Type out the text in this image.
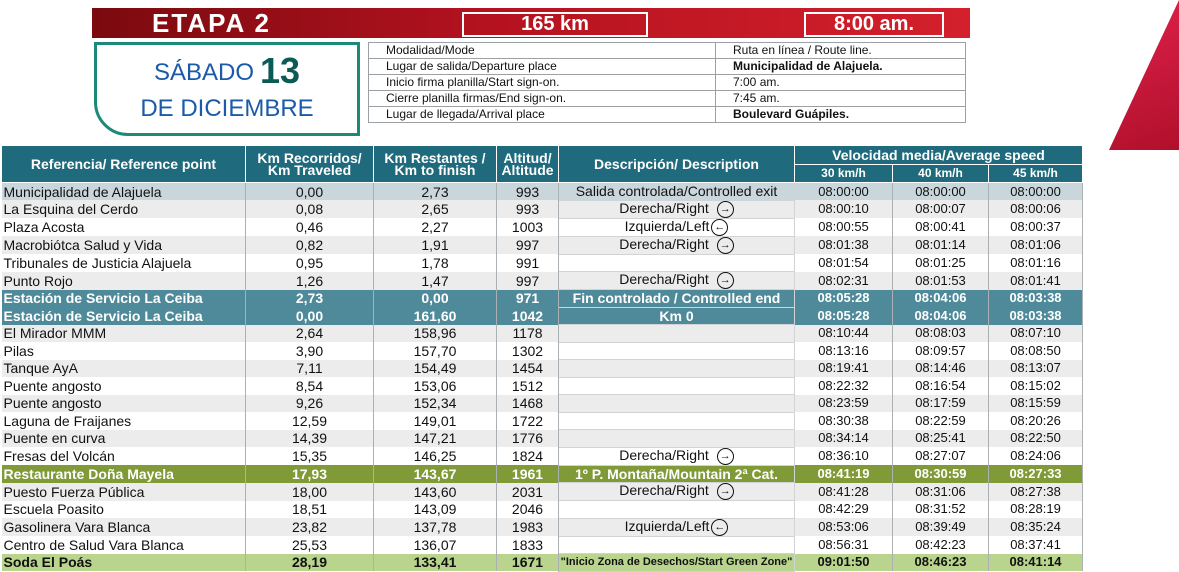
ETAPA 2	165 km	8:00 am.
SÁBADO 13
DE DICIEMBRE
Modalidad/Mode	Ruta en línea / Route line.
Lugar de salida/Departure place	Municipalidad de Alajuela.
Inicio firma planilla/Start sign-on.	7:00 am.
Cierre planilla firmas/End sign-on.	7:45 am.
Lugar de llegada/Arrival place	Boulevard Guápiles.
Referencia/ Reference point	Km Recorridos/ Km Traveled	Km Restantes / Km to finish	Altitud/ Altitude	Descripción/ Description	Velocidad media/Average speed		
					30 km/h	40 km/h	45 km/h
Municipalidad de Alajuela	0,00	2,73	993	Salida controlada/Controlled exit	08:00:00	08:00:00	08:00:00
La Esquina del Cerdo	0,08	2,65	993	Derecha/Right →	08:00:10	08:00:07	08:00:06
Plaza Acosta	0,46	2,27	1003	Izquierda/Left ←	08:00:55	08:00:41	08:00:37
Macrobiótca Salud y Vida	0,82	1,91	997	Derecha/Right →	08:01:38	08:01:14	08:01:06
Tribunales de Justicia Alajuela	0,95	1,78	991		08:01:54	08:01:25	08:01:16
Punto Rojo	1,26	1,47	997	Derecha/Right →	08:02:31	08:01:53	08:01:41
Estación de Servicio La Ceiba	2,73	0,00	971	Fin controlado / Controlled end	08:05:28	08:04:06	08:03:38
Estación de Servicio La Ceiba	0,00	161,60	1042	Km 0	08:05:28	08:04:06	08:03:38
El Mirador MMM	2,64	158,96	1178		08:10:44	08:08:03	08:07:10
Pilas	3,90	157,70	1302		08:13:16	08:09:57	08:08:50
Tanque AyA	7,11	154,49	1454		08:19:41	08:14:46	08:13:07
Puente angosto	8,54	153,06	1512		08:22:32	08:16:54	08:15:02
Puente angosto	9,26	152,34	1468		08:23:59	08:17:59	08:15:59
Laguna de Fraijanes	12,59	149,01	1722		08:30:38	08:22:59	08:20:26
Puente en curva	14,39	147,21	1776		08:34:14	08:25:41	08:22:50
Fresas del Volcán	15,35	146,25	1824	Derecha/Right →	08:36:10	08:27:07	08:24:06
Restaurante Doña Mayela	17,93	143,67	1961	1º P. Montaña/Mountain 2ª Cat.	08:41:19	08:30:59	08:27:33
Puesto Fuerza Pública	18,00	143,60	2031	Derecha/Right →	08:41:28	08:31:06	08:27:38
Escuela Poasito	18,51	143,09	2046		08:42:29	08:31:52	08:28:19
Gasolinera Vara Blanca	23,82	137,78	1983	Izquierda/Left ←	08:53:06	08:39:49	08:35:24
Centro de Salud Vara Blanca	25,53	136,07	1833		08:56:31	08:42:23	08:37:41
Soda El Poás	28,19	133,41	1671	"Inicio Zona de Desechos/Start Green Zone"	09:01:50	08:46:23	08:41:14
